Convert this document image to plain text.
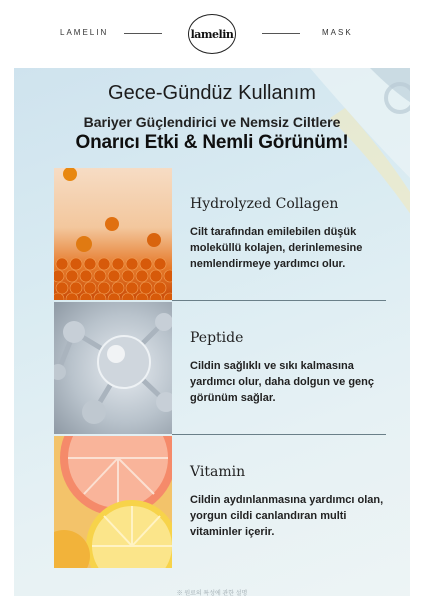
LAMELIN	lamelin	MASK
Gece-Gündüz Kullanım
Bariyer Güçlendirici ve Nemsiz Ciltlere
Onarıcı Etki & Nemli Görünüm!
Hydrolyzed Collagen

Cilt tarafından emilebilen düşük moleküllü kolajen, derinlemesine nemlendirmeye yardımcı olur.

Peptide

Cildin sağlıklı ve sıkı kalmasına yardımcı olur, daha dolgun ve genç görünüm sağlar.

Vitamin

Cildin aydınlanmasına yardımcı olan, yorgun cildi canlandıran multi vitaminler içerir.

※ 원료의 특성에 관한 설명
